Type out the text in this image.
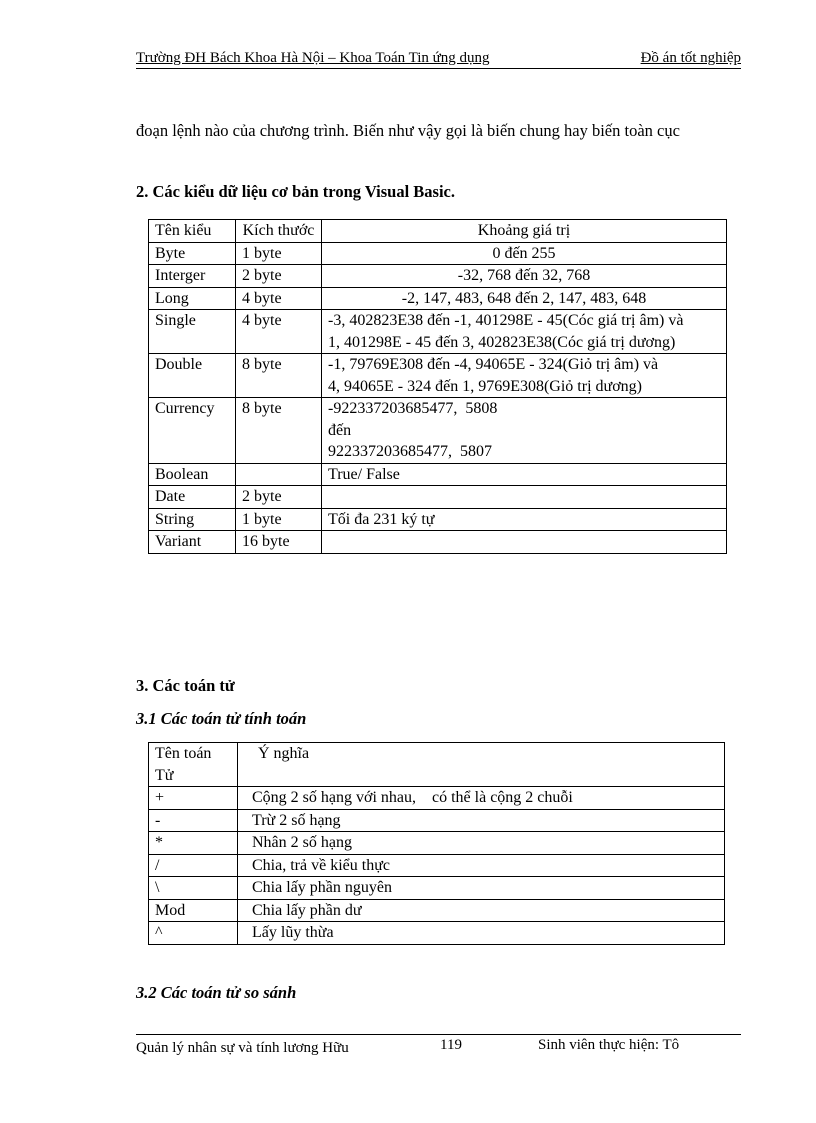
Trường ĐH Bách Khoa Hà Nội – Khoa Toán Tin ứng dụng	Đồ án tốt nghiệp
đoạn lệnh nào của chương trình. Biến như vậy gọi là biến chung hay biến toàn cục
2. Các kiểu dữ liệu cơ bản trong Visual Basic.
Tên kiểu	Kích thước	Khoảng giá trị
Byte	1 byte	0 đến 255
Interger	2 byte	-32, 768 đến 32, 768
Long	4 byte	-2, 147, 483, 648 đến 2, 147, 483, 648
Single	4 byte	-3, 402823E38 đến -1, 401298E - 45(Cóc giá trị âm) và
1, 401298E - 45 đến 3, 402823E38(Cóc giá trị dương)

Double	8 byte	-1, 79769E308 đến -4, 94065E - 324(Giỏ trị âm) và
4, 94065E - 324 đến 1, 9769E308(Giỏ trị dương)

Currency	8 byte	-922337203685477,  5808
đến
922337203685477,  5807

Boolean		True/ False
Date	2 byte	
String	1 byte	Tối đa 231 ký tự
Variant	16 byte	
3. Các toán tử
3.1 Các toán tử tính toán
Tên toán Tử	Ý nghĩa
+	Cộng 2 số hạng với nhau,    có thể là cộng 2 chuỗi
-	Trừ 2 số hạng
*	Nhân 2 số hạng
/	Chia, trả về kiểu thực
\	Chia lấy phần nguyên
Mod	Chia lấy phần dư
^	Lấy lũy thừa
3.2 Các toán tử so sánh
Quản lý nhân sự và tính lương Hữu	119	Sinh viên thực hiện: Tô
